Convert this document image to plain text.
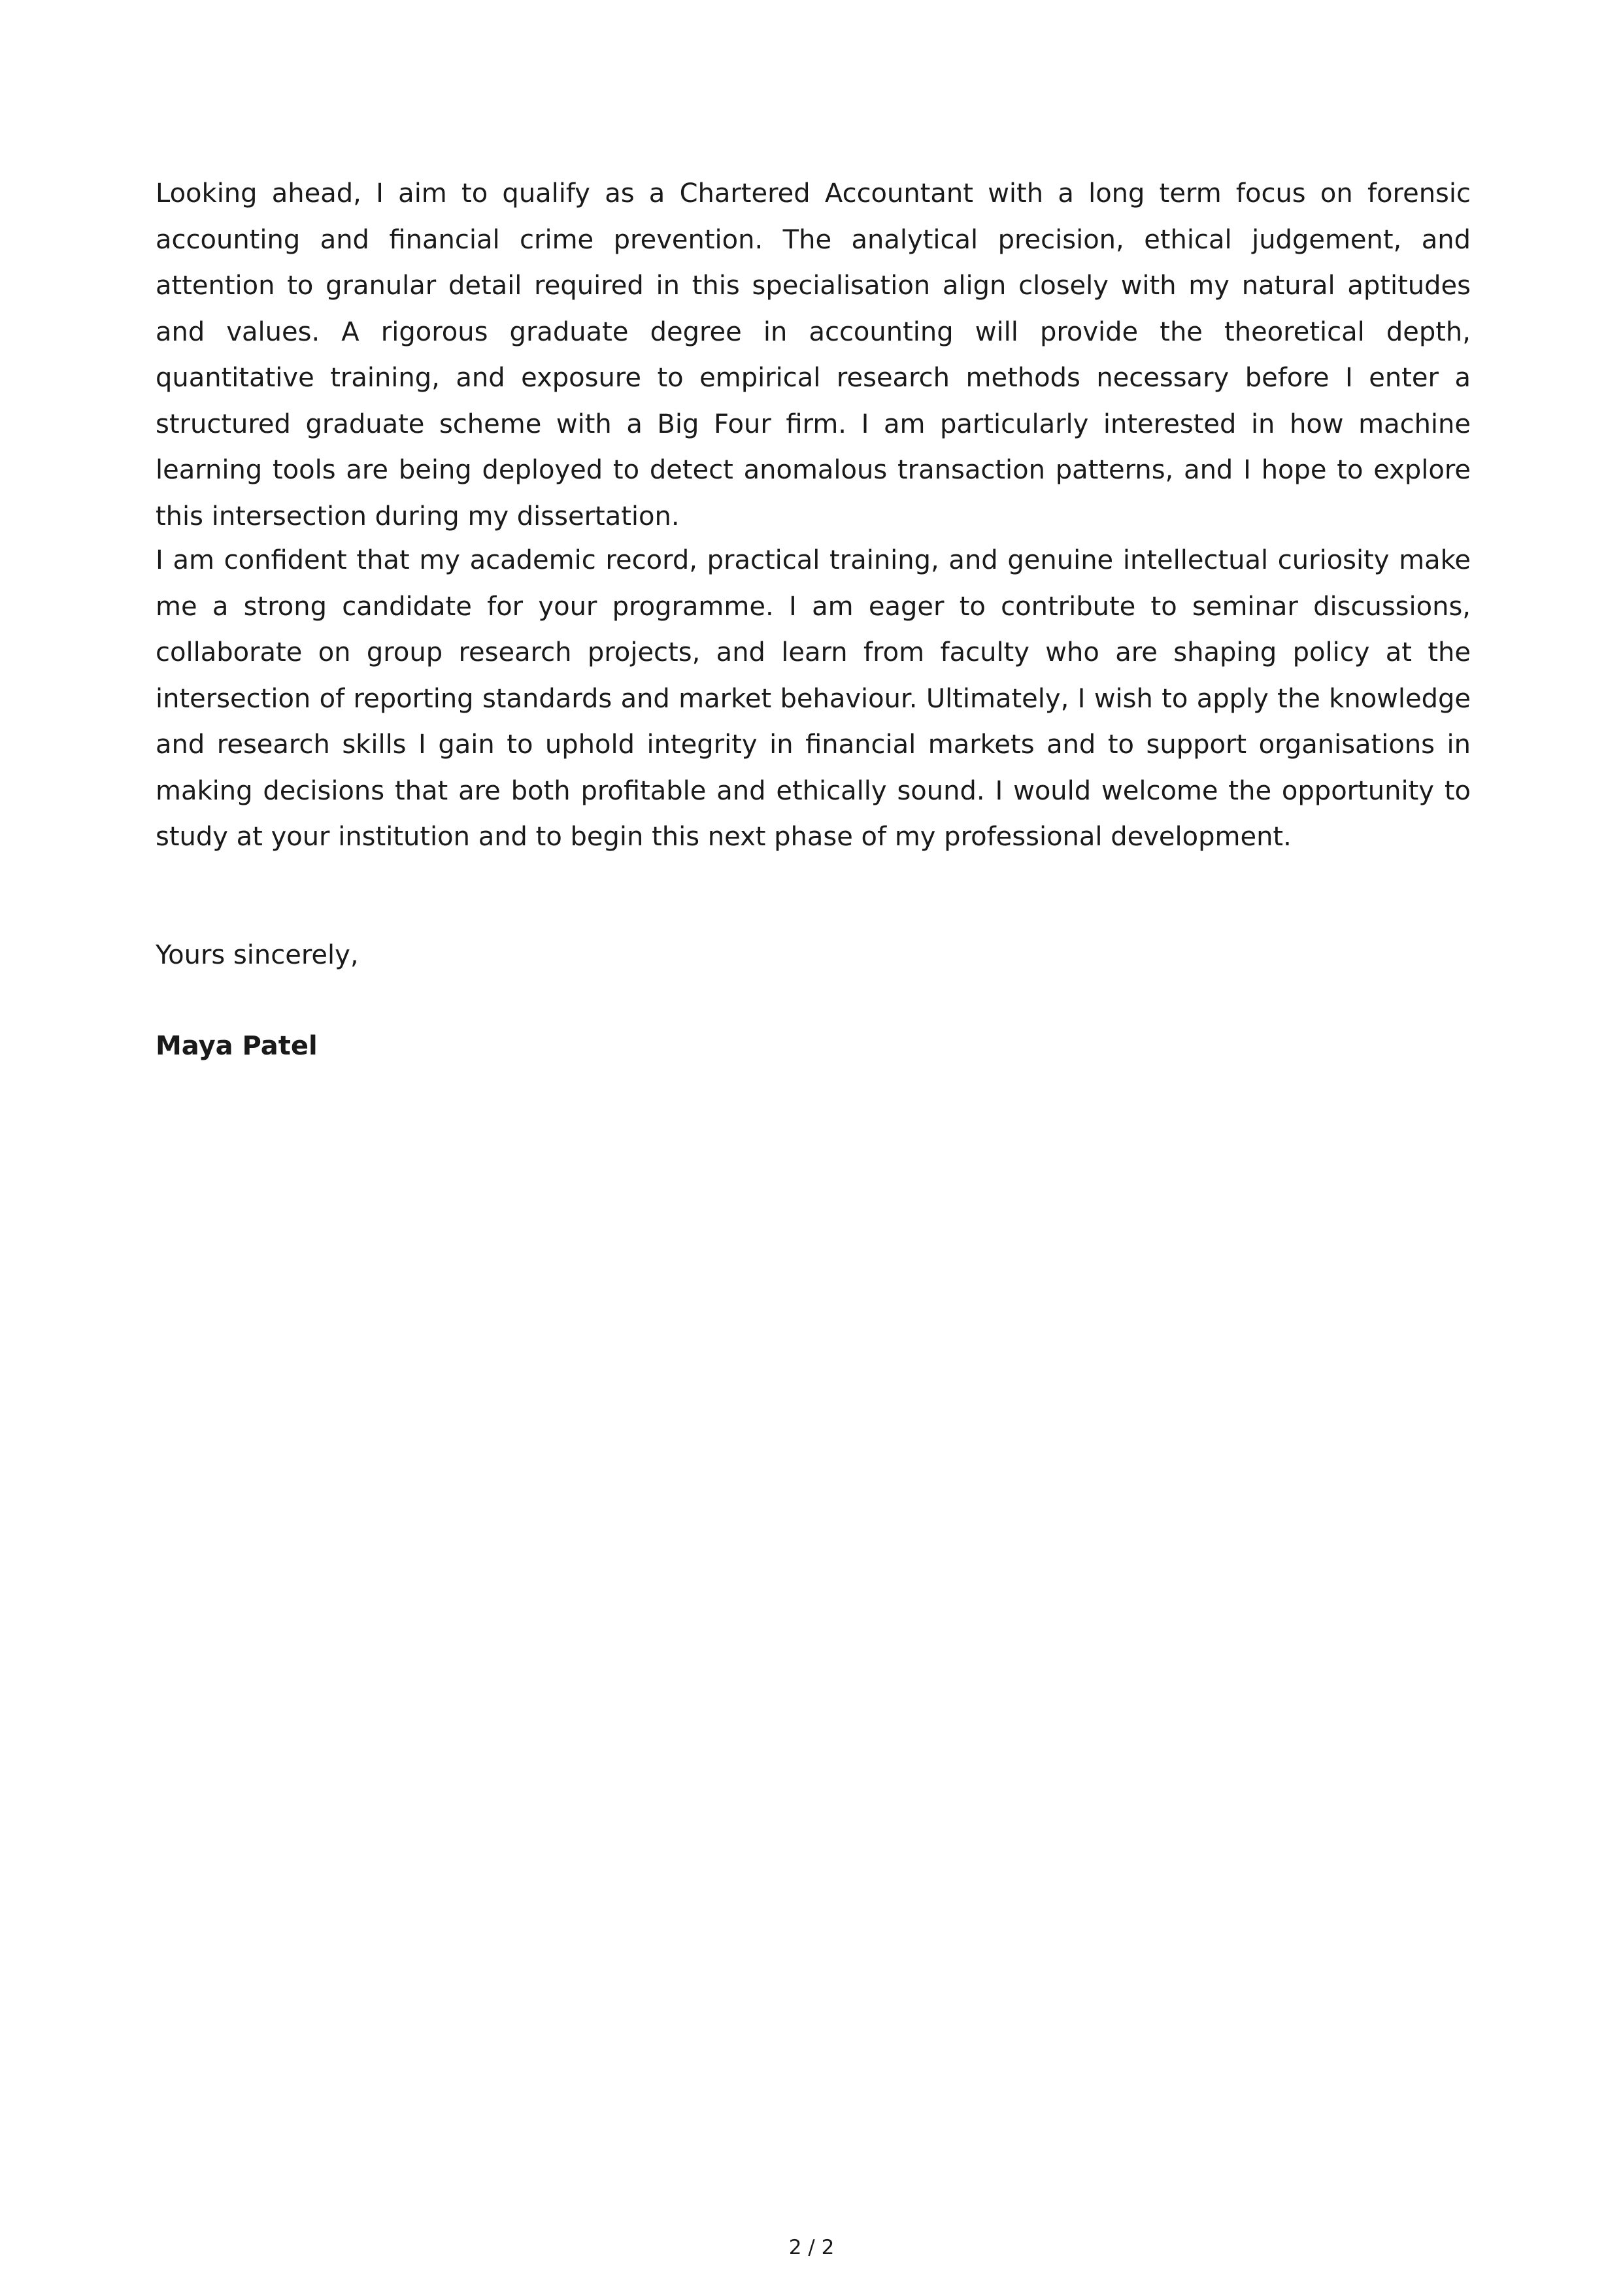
Looking ahead, I aim to qualify as a Chartered Accountant with a long term focus on forensic accounting and financial crime prevention. The analytical precision, ethical judgement, and attention to granular detail required in this specialisation align closely with my natural aptitudes and values. A rigorous graduate degree in accounting will provide the theoretical depth, quantitative training, and exposure to empirical research methods necessary before I enter a structured graduate scheme with a Big Four firm. I am particularly interested in how machine learning tools are being deployed to detect anomalous transaction patterns, and I hope to explore this intersection during my dissertation.

I am confident that my academic record, practical training, and genuine intellectual curiosity make me a strong candidate for your programme. I am eager to contribute to seminar discussions, collaborate on group research projects, and learn from faculty who are shaping policy at the intersection of reporting standards and market behaviour. Ultimately, I wish to apply the knowledge and research skills I gain to uphold integrity in financial markets and to support organisations in making decisions that are both profitable and ethically sound. I would welcome the opportunity to study at your institution and to begin this next phase of my professional development.

Yours sincerely,

Maya Patel

2 / 2
